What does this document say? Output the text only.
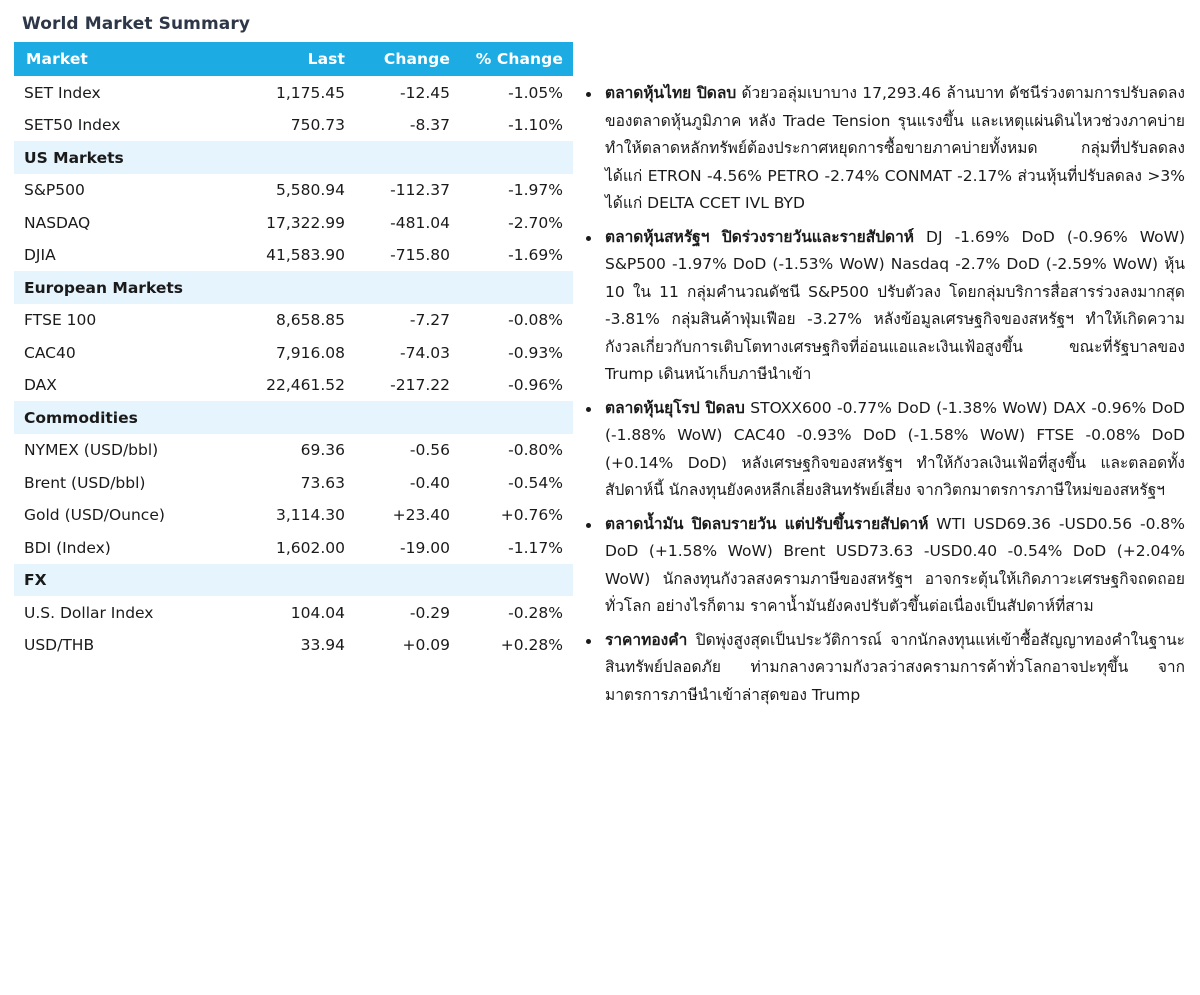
World Market Summary
Market	Last	Change	% Change
SET Index	1,175.45	-12.45	-1.05%
SET50 Index	750.73	-8.37	-1.10%
US Markets			
S&P500	5,580.94	-112.37	-1.97%
NASDAQ	17,322.99	-481.04	-2.70%
DJIA	41,583.90	-715.80	-1.69%
European Markets			
FTSE 100	8,658.85	-7.27	-0.08%
CAC40	7,916.08	-74.03	-0.93%
DAX	22,461.52	-217.22	-0.96%
Commodities			
NYMEX (USD/bbl)	69.36	-0.56	-0.80%
Brent (USD/bbl)	73.63	-0.40	-0.54%
Gold (USD/Ounce)	3,114.30	+23.40	+0.76%
BDI (Index)	1,602.00	-19.00	-1.17%
FX			
U.S. Dollar Index	104.04	-0.29	-0.28%
USD/THB	33.94	+0.09	+0.28%
ตลาดหุ้นไทย ปิดลบ ด้วยวอลุ่มเบาบาง 17,293.46 ล้านบาท ดัชนีร่วงตามการปรับลดลงของตลาดหุ้นภูมิภาค หลัง Trade Tension รุนแรงขึ้น และเหตุแผ่นดินไหวช่วงภาคบ่าย ทำให้ตลาดหลักทรัพย์ต้องประกาศหยุดการซื้อขายภาคบ่ายทั้งหมด กลุ่มที่ปรับลดลง ได้แก่ ETRON -4.56% PETRO -2.74% CONMAT -2.17% ส่วนหุ้นที่ปรับลดลง >3% ได้แก่ DELTA CCET IVL BYD
ตลาดหุ้นสหรัฐฯ ปิดร่วงรายวันและรายสัปดาห์ DJ -1.69% DoD (-0.96% WoW) S&P500 -1.97% DoD (-1.53% WoW) Nasdaq -2.7% DoD (-2.59% WoW) หุ้น 10 ใน 11 กลุ่มคำนวณดัชนี S&P500 ปรับตัวลง โดยกลุ่มบริการสื่อสารร่วงลงมากสุด -3.81% กลุ่มสินค้าฟุ่มเฟือย -3.27% หลังข้อมูลเศรษฐกิจของสหรัฐฯ ทำให้เกิดความกังวลเกี่ยวกับการเติบโตทางเศรษฐกิจที่อ่อนแอและเงินเฟ้อสูงขึ้น ขณะที่รัฐบาลของ Trump เดินหน้าเก็บภาษีนำเข้า
ตลาดหุ้นยุโรป ปิดลบ STOXX600 -0.77% DoD (-1.38% WoW) DAX -0.96% DoD (-1.88% WoW) CAC40 -0.93% DoD (-1.58% WoW) FTSE -0.08% DoD (+0.14% DoD) หลังเศรษฐกิจของสหรัฐฯ ทำให้กังวลเงินเฟ้อที่สูงขึ้น และตลอดทั้งสัปดาห์นี้ นักลงทุนยังคงหลีกเลี่ยงสินทรัพย์เสี่ยง จากวิตกมาตรการภาษีใหม่ของสหรัฐฯ
ตลาดน้ำมัน ปิดลบรายวัน แต่ปรับขึ้นรายสัปดาห์ WTI USD69.36 -USD0.56 -0.8% DoD (+1.58% WoW) Brent USD73.63 -USD0.40 -0.54% DoD (+2.04% WoW) นักลงทุนกังวลสงครามภาษีของสหรัฐฯ อาจกระตุ้นให้เกิดภาวะเศรษฐกิจถดถอยทั่วโลก อย่างไรก็ตาม ราคาน้ำมันยังคงปรับตัวขึ้นต่อเนื่องเป็นสัปดาห์ที่สาม
ราคาทองคำ ปิดพุ่งสูงสุดเป็นประวัติการณ์ จากนักลงทุนแห่เข้าซื้อสัญญาทองคำในฐานะสินทรัพย์ปลอดภัย ท่ามกลางความกังวลว่าสงครามการค้าทั่วโลกอาจปะทุขึ้น จากมาตรการภาษีนำเข้าล่าสุดของ Trump
